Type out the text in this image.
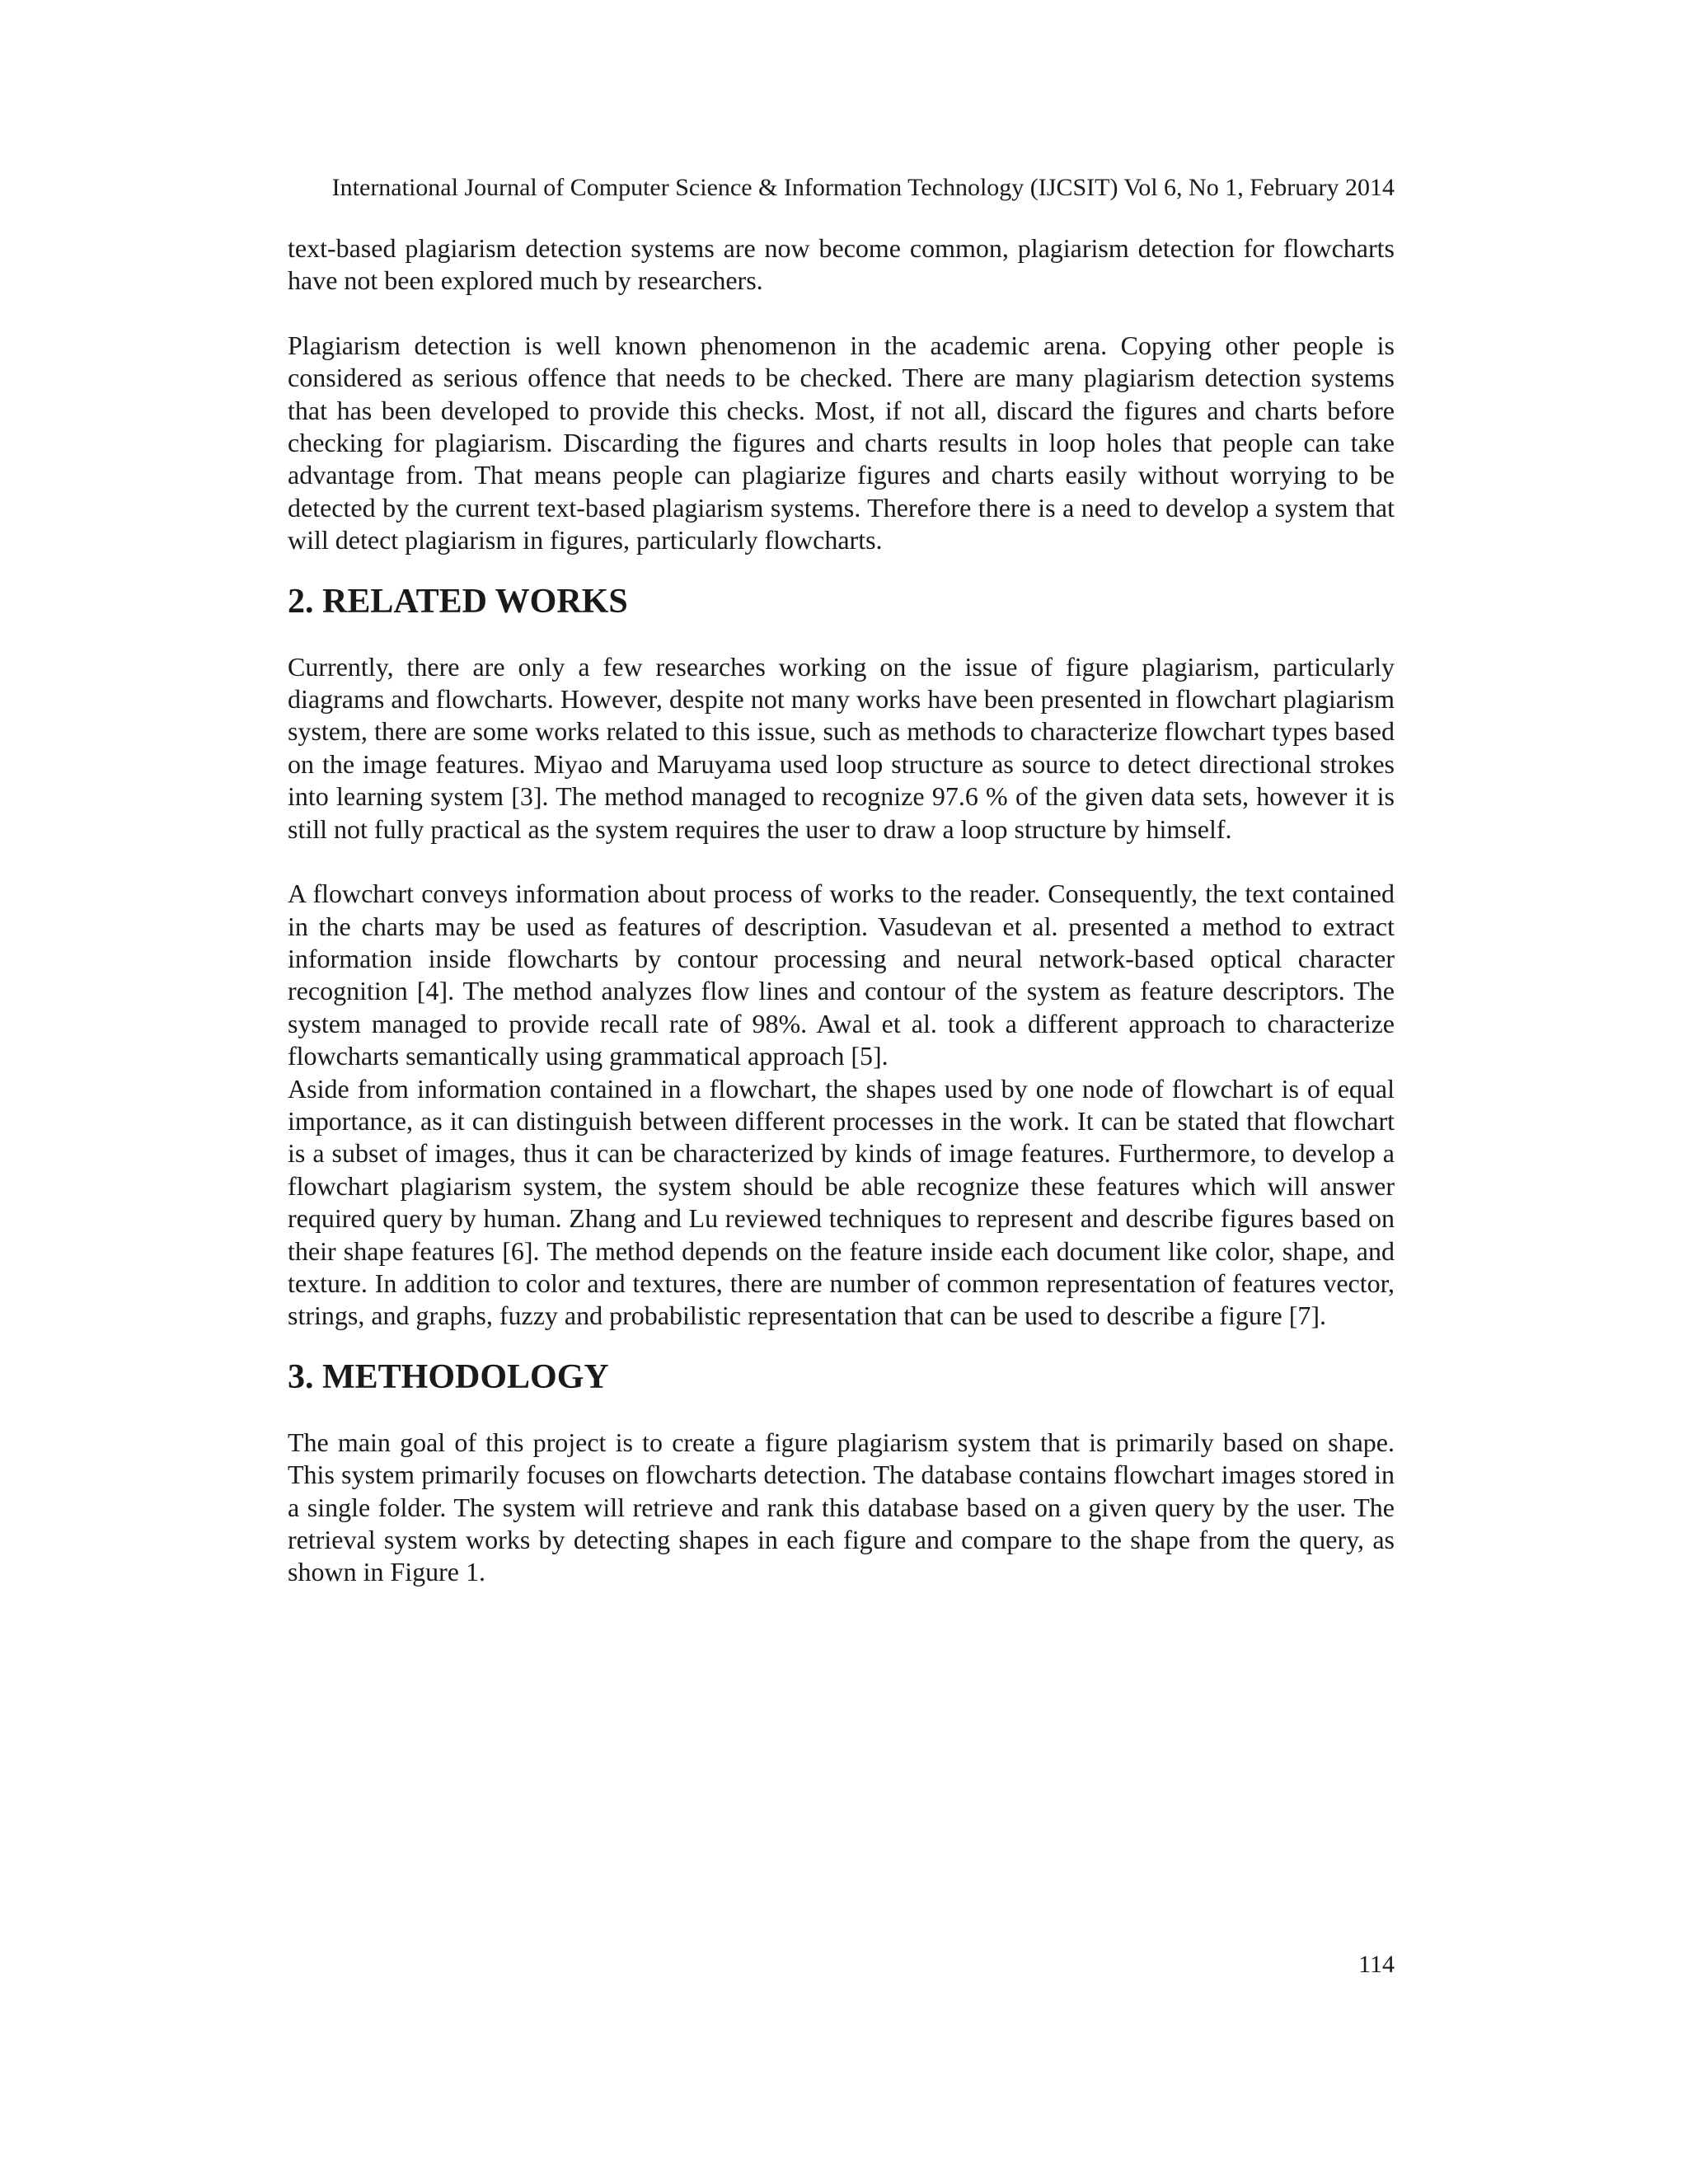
International Journal of Computer Science & Information Technology (IJCSIT) Vol 6, No 1, February 2014

text-based plagiarism detection systems are now become common, plagiarism detection for flowcharts have not been explored much by researchers.

Plagiarism detection is well known phenomenon in the academic arena. Copying other people is considered as serious offence that needs to be checked. There are many plagiarism detection systems that has been developed to provide this checks. Most, if not all, discard the figures and charts before checking for plagiarism. Discarding the figures and charts results in loop holes that people can take advantage from. That means people can plagiarize figures and charts easily without worrying to be detected by the current text-based plagiarism systems. Therefore there is a need to develop a system that will detect plagiarism in figures, particularly flowcharts.

2. RELATED WORKS

Currently, there are only a few researches working on the issue of figure plagiarism, particularly diagrams and flowcharts. However, despite not many works have been presented in flowchart plagiarism system, there are some works related to this issue, such as methods to characterize flowchart types based on the image features. Miyao and Maruyama used loop structure as source to detect directional strokes into learning system [3]. The method managed to recognize 97.6 % of the given data sets, however it is still not fully practical as the system requires the user to draw a loop structure by himself.

A flowchart conveys information about process of works to the reader. Consequently, the text contained in the charts may be used as features of description. Vasudevan et al. presented a method to extract information inside flowcharts by contour processing and neural network-based optical character recognition [4]. The method analyzes flow lines and contour of the system as feature descriptors. The system managed to provide recall rate of 98%. Awal et al. took a different approach to characterize flowcharts semantically using grammatical approach [5].

Aside from information contained in a flowchart, the shapes used by one node of flowchart is of equal importance, as it can distinguish between different processes in the work. It can be stated that flowchart is a subset of images, thus it can be characterized by kinds of image features. Furthermore, to develop a flowchart plagiarism system, the system should be able recognize these features which will answer required query by human. Zhang and Lu reviewed techniques to represent and describe figures based on their shape features [6]. The method depends on the feature inside each document like color, shape, and texture. In addition to color and textures, there are number of common representation of features vector, strings, and graphs, fuzzy and probabilistic representation that can be used to describe a figure [7].

3. METHODOLOGY

The main goal of this project is to create a figure plagiarism system that is primarily based on shape. This system primarily focuses on flowcharts detection. The database contains flowchart images stored in a single folder. The system will retrieve and rank this database based on a given query by the user. The retrieval system works by detecting shapes in each figure and compare to the shape from the query, as shown in Figure 1.

114
